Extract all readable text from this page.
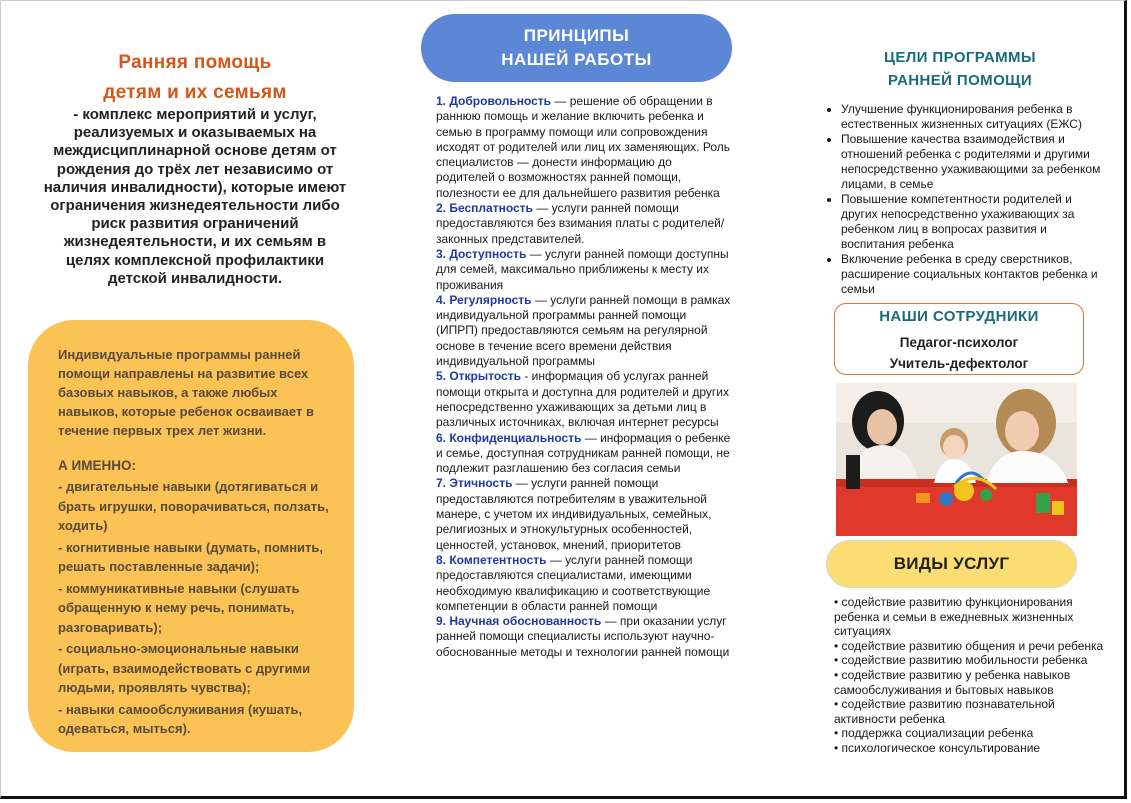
Ранняя помощь
детям и их семьям
- комплекс мероприятий и услуг, реализуемых и оказываемых на междисциплинарной основе детям от рождения до трёх лет независимо от наличия инвалидности), которые имеют ограничения жизнедеятельности либо риск развития ограничений жизнедеятельности, и их семьям в целях комплексной профилактики детской инвалидности.
Индивидуальные программы ранней помощи направлены на развитие всех базовых навыков, а также любых навыков, которые ребенок осваивает в течение первых трех лет жизни.
А ИМЕННО:
- двигательные навыки (дотягиваться и брать игрушки, поворачиваться, ползать, ходить)
- когнитивные навыки (думать, помнить, решать поставленные задачи);
- коммуникативные навыки (слушать обращенную к нему речь, понимать, разговаривать);
- социально-эмоциональные навыки (играть, взаимодействовать с другими людьми, проявлять чувства);
- навыки самообслуживания (кушать, одеваться, мыться).
ПРИНЦИПЫ
НАШЕЙ РАБОТЫ
1. Добровольность — решение об обращении в раннюю помощь и желание включить ребенка и семью в программу помощи или сопровождения исходят от родителей или лиц их заменяющих. Роль специалистов — донести информацию до родителей о возможностях ранней помощи, полезности ее для дальнейшего развития ребенка
2. Бесплатность — услуги ранней помощи предоставляются без взимания платы с родителей/законных представителей.
3. Доступность — услуги ранней помощи доступны для семей, максимально приближены к месту их проживания
4. Регулярность — услуги ранней помощи в рамках индивидуальной программы ранней помощи (ИПРП) предоставляются семьям на регулярной основе в течение всего времени действия индивидуальной программы
5. Открытость - информация об услугах ранней помощи открыта и доступна для родителей и других непосредственно ухаживающих за детьми лиц в различных источниках, включая интернет ресурсы
6. Конфиденциальность — информация о ребенке и семье, доступная сотрудникам ранней помощи, не подлежит разглашению без согласия семьи
7. Этичность — услуги ранней помощи предоставляются потребителям в уважительной манере, с учетом их индивидуальных, семейных, религиозных и этнокультурных особенностей, ценностей, установок, мнений, приоритетов
8. Компетентность — услуги ранней помощи предоставляются специалистами, имеющими необходимую квалификацию и соответствующие компетенции в области ранней помощи
9. Научная обоснованность — при оказании услуг ранней помощи специалисты используют научно-обоснованные методы и технологии ранней помощи
ЦЕЛИ ПРОГРАММЫ
РАННЕЙ ПОМОЩИ
• Улучшение функционирования ребенка в естественных жизненных ситуациях (ЕЖС)
• Повышение качества взаимодействия и отношений ребенка с родителями и другими непосредственно ухаживающими за ребенком лицами, в семье
• Повышение компетентности родителей и других непосредственно ухаживающих за ребенком лиц в вопросах развития и воспитания ребенка
• Включение ребенка в среду сверстников, расширение социальных контактов ребенка и семьи
НАШИ СОТРУДНИКИ
Педагог-психолог
Учитель-дефектолог
ВИДЫ УСЛУГ
• содействие развитию функционирования ребенка и семьи в ежедневных жизненных ситуациях
• содействие развитию общения и речи ребенка
• содействие развитию мобильности ребенка
• содействие развитию у ребенка навыков самообслуживания и бытовых навыков
• содействие развитию познавательной активности ребенка
• поддержка социализации ребенка
• психологическое консультирование
